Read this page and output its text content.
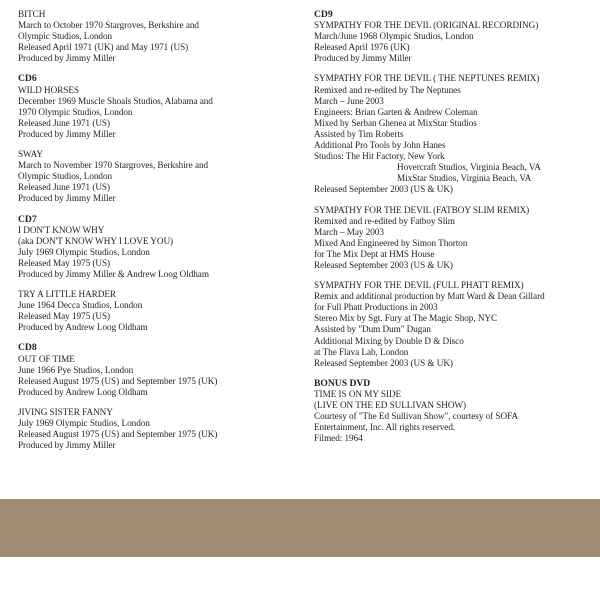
BITCH
March to October 1970 Stargroves, Berkshire and
Olympic Studios, London
Released April 1971 (UK) and May 1971 (US)
Produced by Jimmy Miller
CD6
WILD HORSES
December 1969 Muscle Shoals Studios, Alabama and
1970 Olympic Studios, London
Released June 1971 (US)
Produced by Jimmy Miller
SWAY
March to November 1970 Stargroves, Berkshire and
Olympic Studios, London
Released June 1971 (US)
Produced by Jimmy Miller
CD7
I DON'T KNOW WHY
(aka DON'T KNOW WHY I LOVE YOU)
July 1969 Olympic Studios, London
Released May 1975 (US)
Produced by Jimmy Miller & Andrew Loog Oldham
TRY A LITTLE HARDER
June 1964 Decca Studios, London
Released May 1975 (US)
Produced by Andrew Loog Oldham
CD8
OUT OF TIME
June 1966 Pye Studios, London
Released August 1975 (US) and September 1975 (UK)
Produced by Andrew Loog Oldham
JIVING SISTER FANNY
July 1969 Olympic Studios, London
Released August 1975 (US) and September 1975 (UK)
Produced by Jimmy Miller
CD9
SYMPATHY FOR THE DEVIL (ORIGINAL RECORDING)
March/June 1968 Olympic Studios, London
Released April 1976 (UK)
Produced by Jimmy Miller
SYMPATHY FOR THE DEVIL ( THE NEPTUNES REMIX)
Remixed and re-edited by The Neptunes
March – June 2003
Engineers: Brian Garten & Andrew Coleman
Mixed by Serban Ghenea at MixStar Studios
Assisted by Tim Roberts
Additional Pro Tools by John Hanes
Studios: The Hit Factory, New York
Hovercraft Studios, Virginia Beach, VA
MixStar Studios, Virginia Beach, VA
Released September 2003 (US & UK)
SYMPATHY FOR THE DEVIL (FATBOY SLIM REMIX)
Remixed and re-edited by Fatboy Slim
March – May 2003
Mixed And Engineered by Simon Thorton
for The Mix Dept at HMS House
Released September 2003 (US & UK)
SYMPATHY FOR THE DEVIL (FULL PHATT REMIX)
Remix and additional production by Matt Ward & Dean Gillard
for Full Phatt Productions in 2003
Stereo Mix by Sgt. Fury at The Magic Shop, NYC
Assisted by "Dum Dum" Dugan
Additional Mixing by Double D & Disco
at The Flava Lab, London
Released September 2003 (US & UK)
BONUS DVD
TIME IS ON MY SIDE
(LIVE ON THE ED SULLIVAN SHOW)
Courtesy of "The Ed Sullivan Show", courtesy of SOFA
Entertainment, Inc. All rights reserved.
Filmed: 1964
